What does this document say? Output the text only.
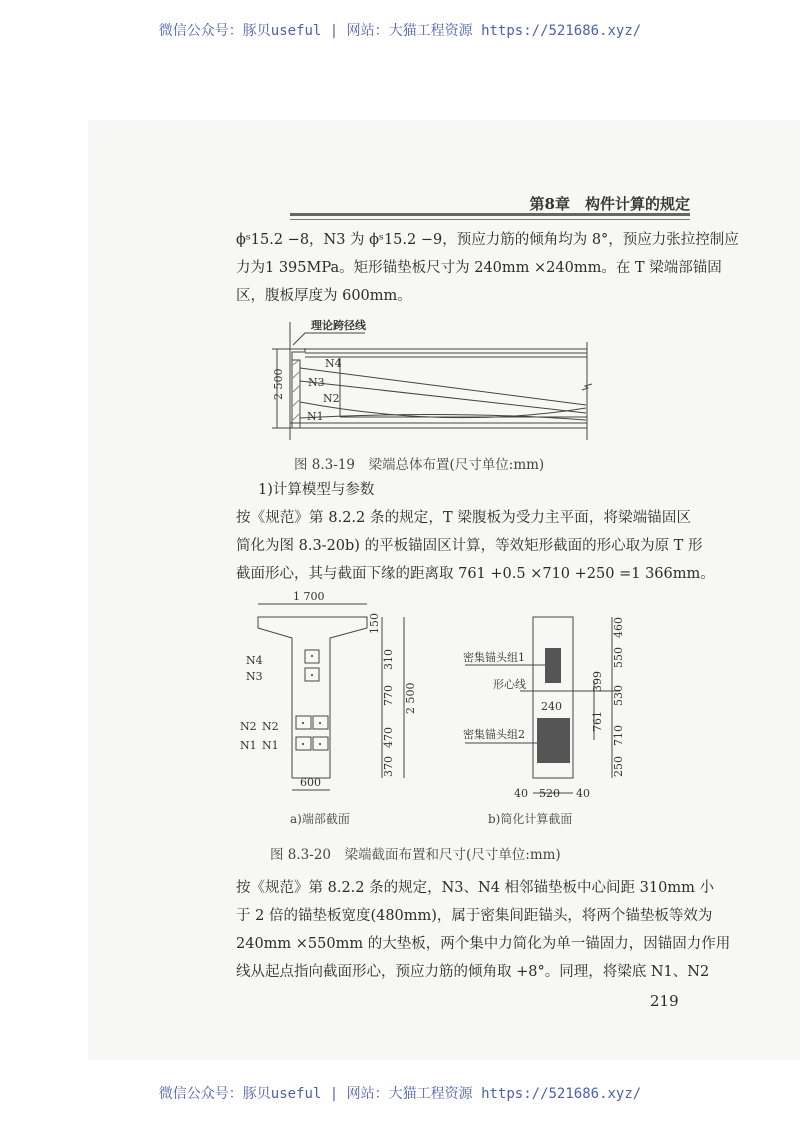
微信公众号：豚贝useful | 网站：大猫工程资源 https://521686.xyz/
第8章　构件计算的规定
ϕˢ15.2 −8，N3 为 ϕˢ15.2 −9，预应力筋的倾角均为 8°，预应力张拉控制应
力为1 395MPa。矩形锚垫板尺寸为 240mm ×240mm。在 T 梁端部锚固
区，腹板厚度为 600mm。
理论跨径线
2 500
N4
N3
N2
N1
图 8.3-19　梁端总体布置(尺寸单位:mm)
1)计算模型与参数
按《规范》第 8.2.2 条的规定，T 梁腹板为受力主平面，将梁端锚固区
简化为图 8.3-20b) 的平板锚固区计算，等效矩形截面的形心取为原 T 形
截面形心，其与截面下缘的距离取 761 +0.5 ×710 +250 =1 366mm。
1 700
150
310
770
470
370
2 500
600
N4
N3
N2 N2
N1 N1
密集锚头组1
形心线
240
密集锚头组2
460
550
530
710
250
399
761
40 520 40
a)端部截面	b)简化计算截面
图 8.3-20　梁端截面布置和尺寸(尺寸单位:mm)
按《规范》第 8.2.2 条的规定，N3、N4 相邻锚垫板中心间距 310mm 小
于 2 倍的锚垫板宽度(480mm)，属于密集间距锚头，将两个锚垫板等效为
240mm ×550mm 的大垫板，两个集中力简化为单一锚固力，因锚固力作用
线从起点指向截面形心，预应力筋的倾角取 +8°。同理，将梁底 N1、N2
219
微信公众号：豚贝useful | 网站：大猫工程资源 https://521686.xyz/
